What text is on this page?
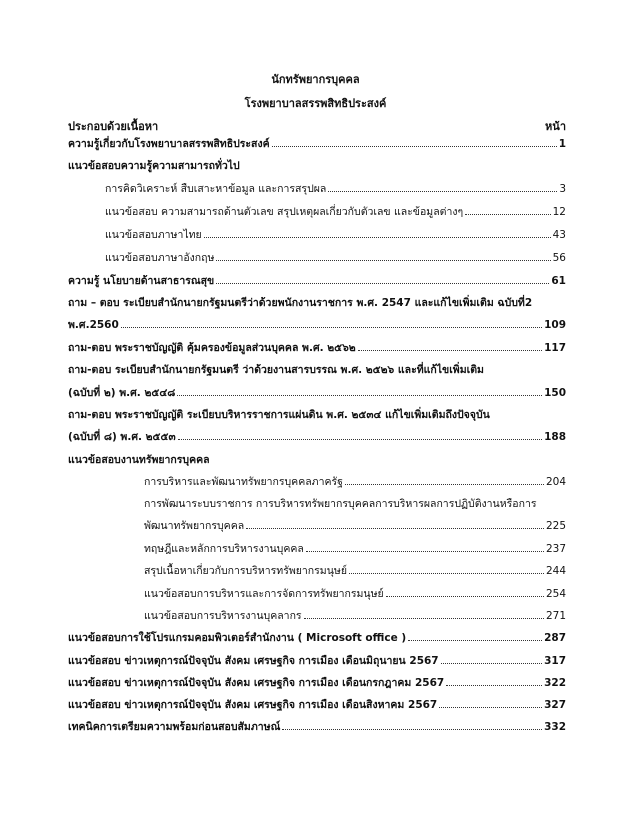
นักทรัพยากรบุคคล
โรงพยาบาลสรรพสิทธิประสงค์
ประกอบด้วยเนื้อหา	หน้า
ความรู้เกี่ยวกับโรงพยาบาลสรรพสิทธิประสงค์	1
แนวข้อสอบความรู้ความสามารถทั่วไป
การคิดวิเคราะห์ สืบเสาะหาข้อมูล และการสรุปผล	3
แนวข้อสอบ ความสามารถด้านตัวเลข สรุปเหตุผลเกี่ยวกับตัวเลข และข้อมูลต่างๆ	12
แนวข้อสอบภาษาไทย	43
แนวข้อสอบภาษาอังกฤษ	56
ความรู้ นโยบายด้านสาธารณสุข	61
ถาม – ตอบ ระเบียบสำนักนายกรัฐมนตรีว่าด้วยพนักงานราชการ พ.ศ. 2547 และแก้ไขเพิ่มเติม ฉบับที่2
พ.ศ.2560	109
ถาม-ตอบ พระราชบัญญัติ คุ้มครองข้อมูลส่วนบุคคล พ.ศ. ๒๕๖๒	117
ถาม-ตอบ ระเบียบสำนักนายกรัฐมนตรี ว่าด้วยงานสารบรรณ พ.ศ. ๒๕๒๖ และที่แก้ไขเพิ่มเติม
(ฉบับที่ ๒) พ.ศ. ๒๕๔๘	150
ถาม-ตอบ พระราชบัญญัติ ระเบียบบริหารราชการแผ่นดิน พ.ศ. ๒๕๓๔ แก้ไขเพิ่มเติมถึงปัจจุบัน
(ฉบับที่ ๘) พ.ศ. ๒๕๕๓	188
แนวข้อสอบงานทรัพยากรบุคคล
การบริหารและพัฒนาทรัพยากรบุคคลภาครัฐ	204
การพัฒนาระบบราชการ การบริหารทรัพยากรบุคคลการบริหารผลการปฏิบัติงานหรือการ
พัฒนาทรัพยากรบุคคล	225
ทฤษฎีและหลักการบริหารงานบุคคล	237
สรุปเนื้อหาเกี่ยวกับการบริหารทรัพยากรมนุษย์	244
แนวข้อสอบการบริหารและการจัดการทรัพยากรมนุษย์	254
แนวข้อสอบการบริหารงานบุคลากร	271
แนวข้อสอบการใช้โปรแกรมคอมพิวเตอร์สำนักงาน ( Microsoft office )	287
แนวข้อสอบ ข่าวเหตุการณ์ปัจจุบัน สังคม เศรษฐกิจ การเมือง เดือนมิถุนายน 2567	317
แนวข้อสอบ ข่าวเหตุการณ์ปัจจุบัน สังคม เศรษฐกิจ การเมือง เดือนกรกฎาคม 2567	322
แนวข้อสอบ ข่าวเหตุการณ์ปัจจุบัน สังคม เศรษฐกิจ การเมือง เดือนสิงหาคม 2567	327
เทคนิคการเตรียมความพร้อมก่อนสอบสัมภาษณ์	332
